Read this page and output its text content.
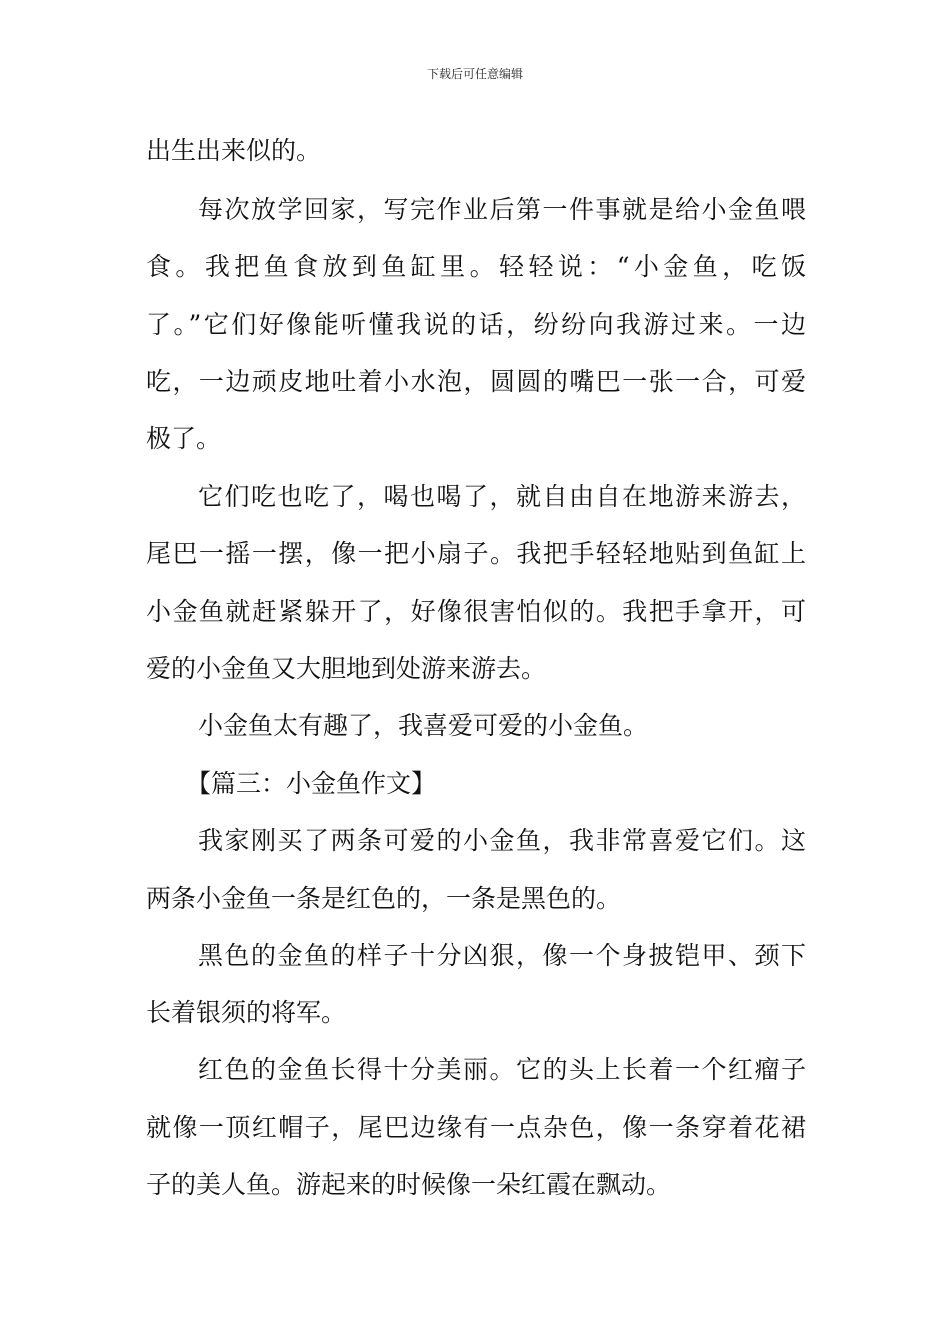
下载后可任意编辑
出生出来似的。
每次放学回家，写完作业后第一件事就是给小金鱼喂
食。我把鱼食放到鱼缸里。轻轻说：“小金鱼，吃饭
了。”它们好像能听懂我说的话，纷纷向我游过来。一边
吃，一边顽皮地吐着小水泡，圆圆的嘴巴一张一合，可爱
极了。
它们吃也吃了，喝也喝了，就自由自在地游来游去，
尾巴一摇一摆，像一把小扇子。我把手轻轻地贴到鱼缸上
小金鱼就赶紧躲开了，好像很害怕似的。我把手拿开，可
爱的小金鱼又大胆地到处游来游去。
小金鱼太有趣了，我喜爱可爱的小金鱼。
【篇三：小金鱼作文】
我家刚买了两条可爱的小金鱼，我非常喜爱它们。这
两条小金鱼一条是红色的，一条是黑色的。
黑色的金鱼的样子十分凶狠，像一个身披铠甲、颈下
长着银须的将军。
红色的金鱼长得十分美丽。它的头上长着一个红瘤子
就像一顶红帽子，尾巴边缘有一点杂色，像一条穿着花裙
子的美人鱼。游起来的时候像一朵红霞在飘动。
